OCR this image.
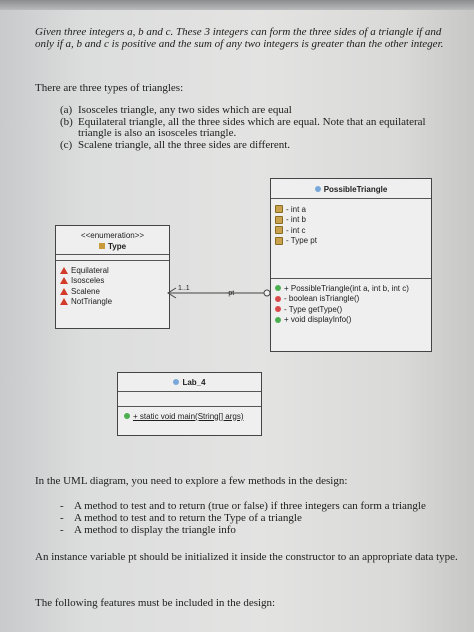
Given three integers a, b and c. These 3 integers can form the three sides of a triangle if and only if a, b and c is positive and the sum of any two integers is greater than the other integer.
There are three types of triangles:
(a) Isosceles triangle, any two sides which are equal
(b) Equilateral triangle, all the three sides which are equal. Note that an equilateral triangle is also an isosceles triangle.
(c) Scalene triangle, all the three sides are different.
PossibleTriangle
- int a
- int b
- int c
- Type pt
+ PossibleTriangle(int a, int b, int c)
- boolean isTriangle()
- Type getType()
+ void displayInfo()
<<enumeration>>
Type
Equilateral
Isosceles
Scalene
NotTriangle
1..1
-pt
Lab_4
+ static void main(String[] args)
In the UML diagram, you need to explore a few methods in the design:
- A method to test and to return (true or false) if three integers can form a triangle
- A method to test and to return the Type of a triangle
- A method to display the triangle info
An instance variable pt should be initialized it inside the constructor to an appropriate data type.
The following features must be included in the design:
